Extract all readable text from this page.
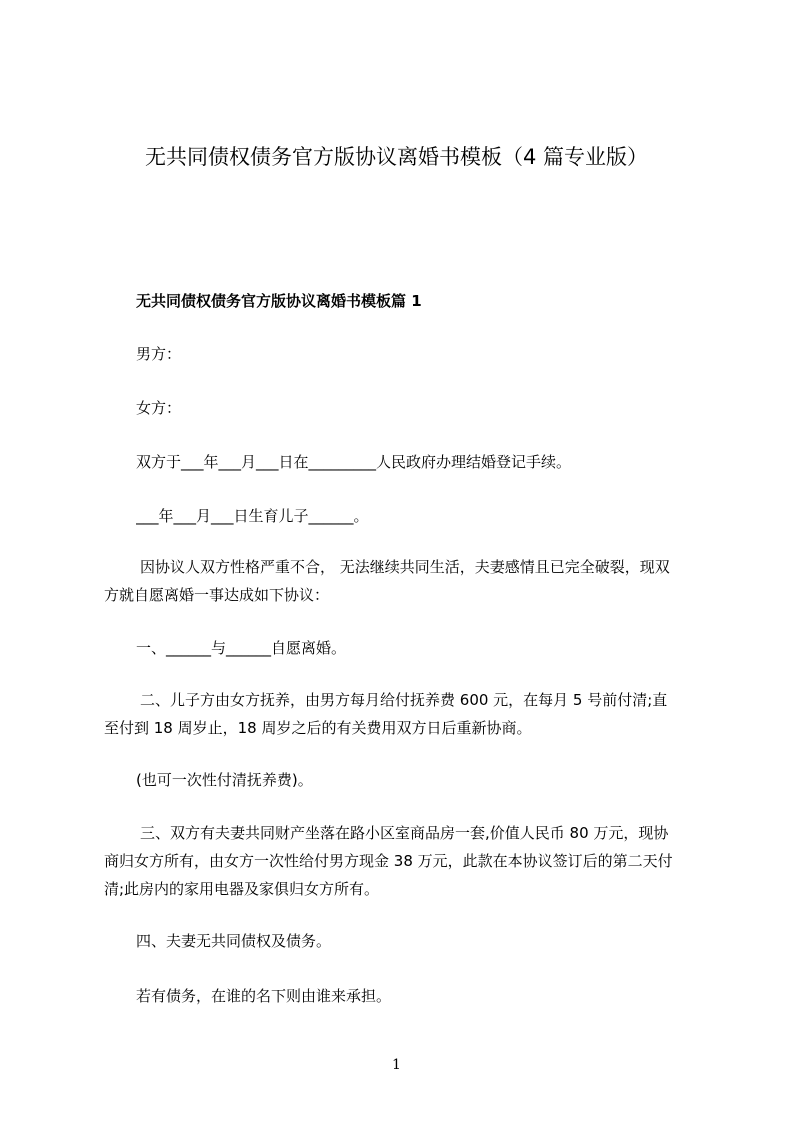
无共同债权债务官方版协议离婚书模板（4 篇专业版）
无共同债权债务官方版协议离婚书模板篇 1
男方：
女方：
双方于___年___月___日在_________人民政府办理结婚登记手续。
___年___月___日生育儿子______。
因协议人双方性格严重不合， 无法继续共同生活，夫妻感情且已完全破裂，现双
方就自愿离婚一事达成如下协议：
一、______与______自愿离婚。
二、儿子方由女方抚养，由男方每月给付抚养费 600 元，在每月 5 号前付清;直
至付到 18 周岁止，18 周岁之后的有关费用双方日后重新协商。
(也可一次性付清抚养费)。
三、双方有夫妻共同财产坐落在路小区室商品房一套,价值人民币 80 万元，现协
商归女方所有，由女方一次性给付男方现金 38 万元，此款在本协议签订后的第二天付
清;此房内的家用电器及家俱归女方所有。
四、夫妻无共同债权及债务。
若有债务，在谁的名下则由谁来承担。
1
